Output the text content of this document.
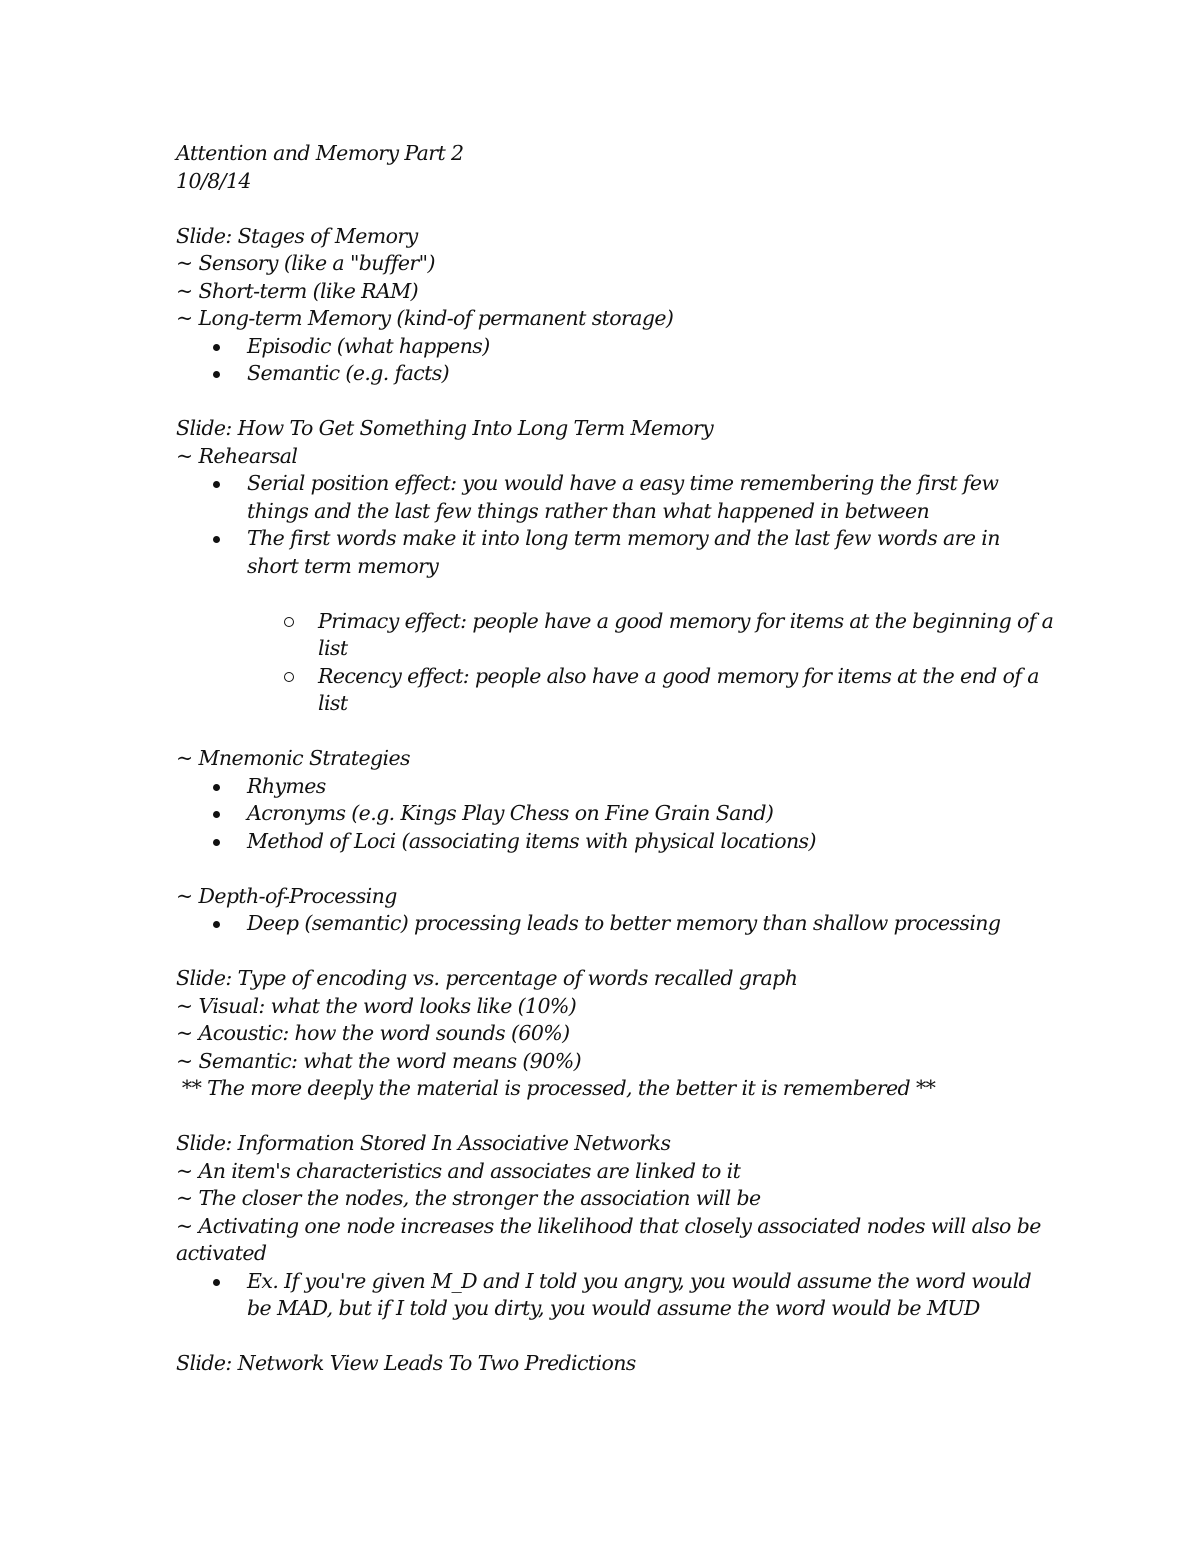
Attention and Memory Part 2

10/8/14

Slide: Stages of Memory

~ Sensory (like a "buffer")

~ Short-term (like RAM)

~ Long-term Memory (kind-of permanent storage)

Episodic (what happens)
Semantic (e.g. facts)

Slide: How To Get Something Into Long Term Memory

~ Rehearsal

Serial position effect: you would have a easy time remembering the first few things and the last few things rather than what happened in between
The first words make it into long term memory and the last few words are in short term memory
Primacy effect: people have a good memory for items at the beginning of a list
Recency effect: people also have a good memory for items at the end of a list

~ Mnemonic Strategies

Rhymes
Acronyms (e.g. Kings Play Chess on Fine Grain Sand)
Method of Loci (associating items with physical locations)

~ Depth-of-Processing

Deep (semantic) processing leads to better memory than shallow processing

Slide: Type of encoding vs. percentage of words recalled graph

~ Visual: what the word looks like (10%)

~ Acoustic: how the word sounds (60%)

~ Semantic: what the word means (90%)

** The more deeply the material is processed, the better it is remembered **

Slide: Information Stored In Associative Networks

~ An item's characteristics and associates are linked to it

~ The closer the nodes, the stronger the association will be

~ Activating one node increases the likelihood that closely associated nodes will also be activated

Ex. If you're given M_D and I told you angry, you would assume the word would be MAD, but if I told you dirty, you would assume the word would be MUD

Slide: Network View Leads To Two Predictions
